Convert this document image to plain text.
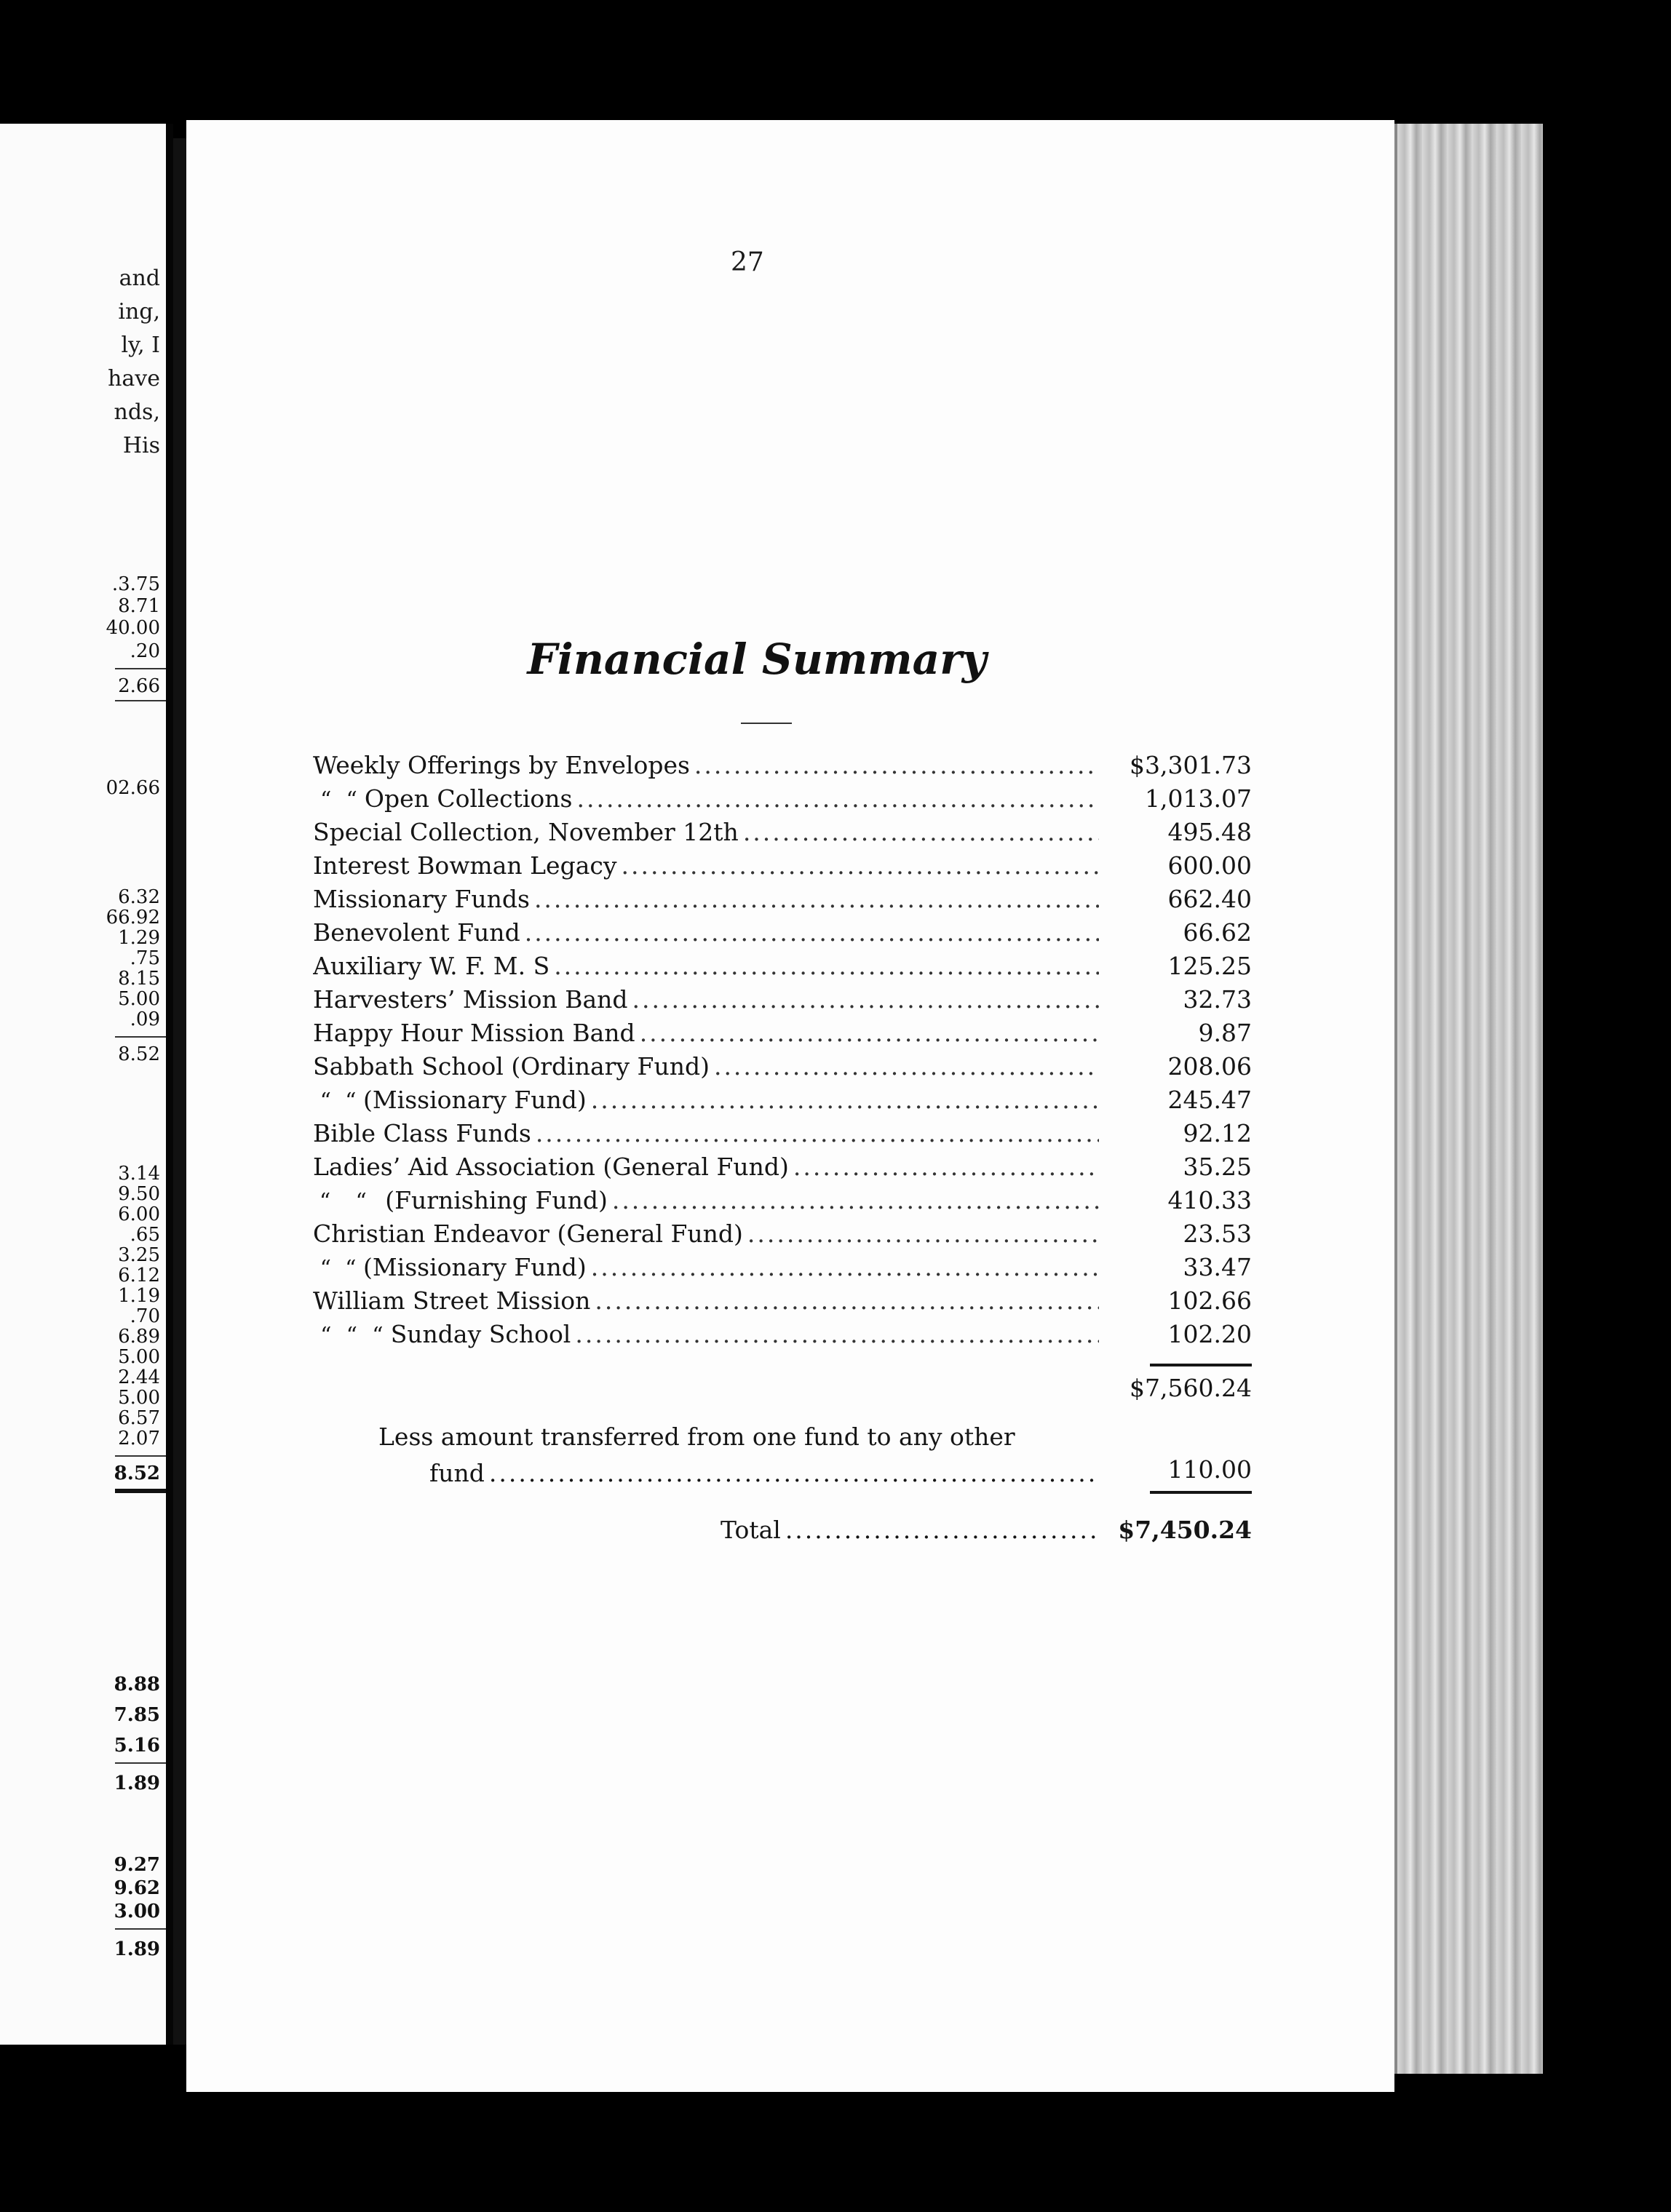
and
ing,
ly, I
have
nds,
His
.3.75
8.71
40.00
.20
2.66
02.66
6.32
66.92
1.29
.75
8.15
5.00
.09
8.52
3.14
9.50
6.00
.65
3.25
6.12
1.19
.70
6.89
5.00
2.44
5.00
6.57
2.07
8.52
8.88
7.85
5.16
1.89
9.27
9.62
3.00
1.89
27
Financial Summary
Weekly Offerings by Envelopes .....	$3,301.73
“ “ Open Collections .....	1,013.07
Special Collection, November 12th .....	495.48
Interest Bowman Legacy .....	600.00
Missionary Funds .....	662.40
Benevolent Fund .....	66.62
Auxiliary W. F. M. S .....	125.25
Harvesters’ Mission Band .....	32.73
Happy Hour Mission Band .....	9.87
Sabbath School (Ordinary Fund) .....	208.06
“ “ (Missionary Fund) .....	245.47
Bible Class Funds .....	92.12
Ladies’ Aid Association (General Fund) .....	35.25
“	“ (Furnishing Fund) .....	410.33
Christian Endeavor (General Fund) .....	23.53
“ “ (Missionary Fund) .....	33.47
William Street Mission .....	102.66
“ “ “ Sunday School .....	102.20
$7,560.24
Less amount transferred from one fund to any other
fund .....	110.00
Total .....	$7,450.24
